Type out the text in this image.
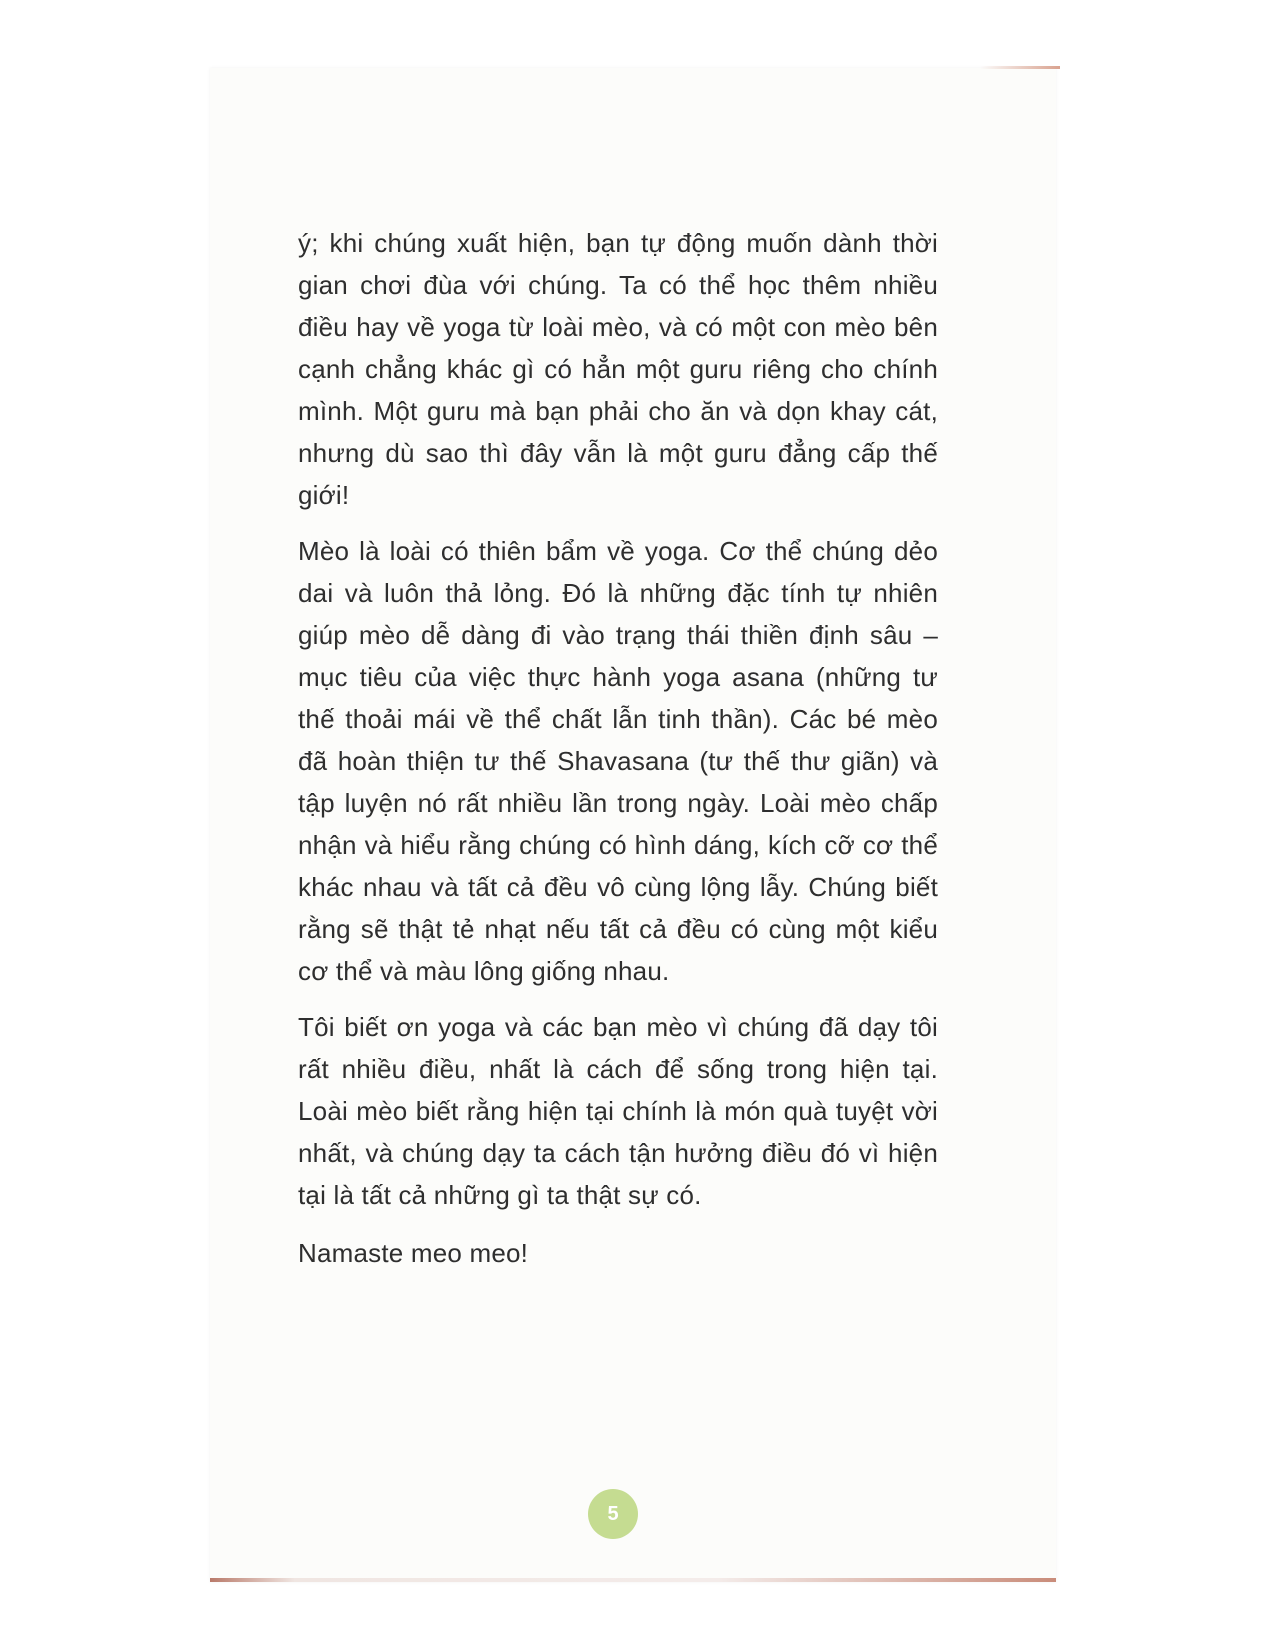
ý; khi chúng xuất hiện, bạn tự động muốn dành thời gian chơi đùa với chúng. Ta có thể học thêm nhiều điều hay về yoga từ loài mèo, và có một con mèo bên cạnh chẳng khác gì có hẳn một guru riêng cho chính mình. Một guru mà bạn phải cho ăn và dọn khay cát, nhưng dù sao thì đây vẫn là một guru đẳng cấp thế giới!

Mèo là loài có thiên bẩm về yoga. Cơ thể chúng dẻo dai và luôn thả lỏng. Đó là những đặc tính tự nhiên giúp mèo dễ dàng đi vào trạng thái thiền định sâu – mục tiêu của việc thực hành yoga asana (những tư thế thoải mái về thể chất lẫn tinh thần). Các bé mèo đã hoàn thiện tư thế Shavasana (tư thế thư giãn) và tập luyện nó rất nhiều lần trong ngày. Loài mèo chấp nhận và hiểu rằng chúng có hình dáng, kích cỡ cơ thể khác nhau và tất cả đều vô cùng lộng lẫy. Chúng biết rằng sẽ thật tẻ nhạt nếu tất cả đều có cùng một kiểu cơ thể và màu lông giống nhau.

Tôi biết ơn yoga và các bạn mèo vì chúng đã dạy tôi rất nhiều điều, nhất là cách để sống trong hiện tại. Loài mèo biết rằng hiện tại chính là món quà tuyệt vời nhất, và chúng dạy ta cách tận hưởng điều đó vì hiện tại là tất cả những gì ta thật sự có.

Namaste meo meo!

5
